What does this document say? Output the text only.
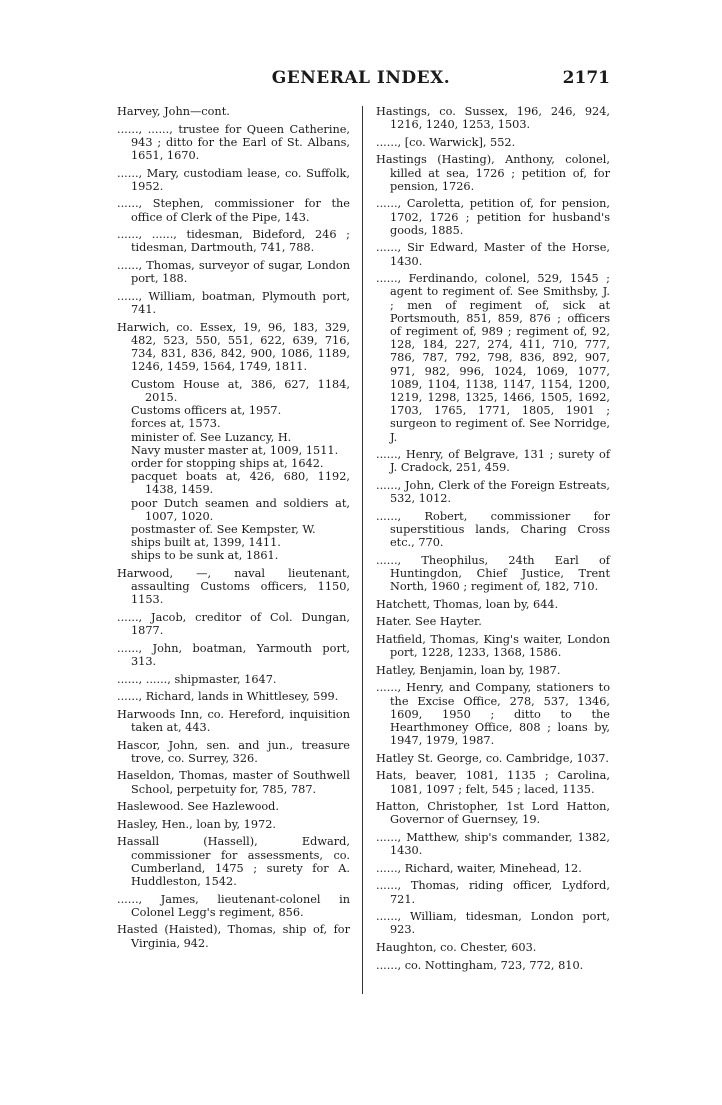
GENERAL INDEX.	2171
Harvey, John—cont.
......, ......, trustee for Queen Catherine, 943 ; ditto for the Earl of St. Albans, 1651, 1670.
......, Mary, custodiam lease, co. Suffolk, 1952.
......, Stephen, commissioner for the office of Clerk of the Pipe, 143.
......, ......, tidesman, Bideford, 246 ; tidesman, Dartmouth, 741, 788.
......, Thomas, surveyor of sugar, London port, 188.
......, William, boatman, Plymouth port, 741.
Harwich, co. Essex, 19, 96, 183, 329, 482, 523, 550, 551, 622, 639, 716, 734, 831, 836, 842, 900, 1086, 1189, 1246, 1459, 1564, 1749, 1811.
Custom House at, 386, 627, 1184, 2015.
Customs officers at, 1957.
forces at, 1573.
minister of. See Luzancy, H.
Navy muster master at, 1009, 1511.
order for stopping ships at, 1642.
pacquet boats at, 426, 680, 1192, 1438, 1459.
poor Dutch seamen and soldiers at, 1007, 1020.
postmaster of. See Kempster, W.
ships built at, 1399, 1411.
ships to be sunk at, 1861.
Harwood, —, naval lieutenant, assaulting Customs officers, 1150, 1153.
......, Jacob, creditor of Col. Dungan, 1877.
......, John, boatman, Yarmouth port, 313.
......, ......, shipmaster, 1647.
......, Richard, lands in Whittlesey, 599.
Harwoods Inn, co. Hereford, inquisition taken at, 443.
Hascor, John, sen. and jun., treasure trove, co. Surrey, 326.
Haseldon, Thomas, master of Southwell School, perpetuity for, 785, 787.
Haslewood. See Hazlewood.
Hasley, Hen., loan by, 1972.
Hassall (Hassell), Edward, commissioner for assessments, co. Cumberland, 1475 ; surety for A. Huddleston, 1542.
......, James, lieutenant-colonel in Colonel Legg's regiment, 856.
Hasted (Haisted), Thomas, ship of, for Virginia, 942.
Hastings, co. Sussex, 196, 246, 924, 1216, 1240, 1253, 1503.
......, [co. Warwick], 552.
Hastings (Hasting), Anthony, colonel, killed at sea, 1726 ; petition of, for pension, 1726.
......, Caroletta, petition of, for pension, 1702, 1726 ; petition for husband's goods, 1885.
......, Sir Edward, Master of the Horse, 1430.
......, Ferdinando, colonel, 529, 1545 ; agent to regiment of. See Smithsby, J. ; men of regiment of, sick at Portsmouth, 851, 859, 876 ; officers of regiment of, 989 ; regiment of, 92, 128, 184, 227, 274, 411, 710, 777, 786, 787, 792, 798, 836, 892, 907, 971, 982, 996, 1024, 1069, 1077, 1089, 1104, 1138, 1147, 1154, 1200, 1219, 1298, 1325, 1466, 1505, 1692, 1703, 1765, 1771, 1805, 1901 ; surgeon to regiment of. See Norridge, J.
......, Henry, of Belgrave, 131 ; surety of J. Cradock, 251, 459.
......, John, Clerk of the Foreign Estreats, 532, 1012.
......, Robert, commissioner for superstitious lands, Charing Cross etc., 770.
......, Theophilus, 24th Earl of Huntingdon, Chief Justice, Trent North, 1960 ; regiment of, 182, 710.
Hatchett, Thomas, loan by, 644.
Hater. See Hayter.
Hatfield, Thomas, King's waiter, London port, 1228, 1233, 1368, 1586.
Hatley, Benjamin, loan by, 1987.
......, Henry, and Company, stationers to the Excise Office, 278, 537, 1346, 1609, 1950 ; ditto to the Hearthmoney Office, 808 ; loans by, 1947, 1979, 1987.
Hatley St. George, co. Cambridge, 1037.
Hats, beaver, 1081, 1135 ; Carolina, 1081, 1097 ; felt, 545 ; laced, 1135.
Hatton, Christopher, 1st Lord Hatton, Governor of Guernsey, 19.
......, Matthew, ship's commander, 1382, 1430.
......, Richard, waiter, Minehead, 12.
......, Thomas, riding officer, Lydford, 721.
......, William, tidesman, London port, 923.
Haughton, co. Chester, 603.
......, co. Nottingham, 723, 772, 810.
